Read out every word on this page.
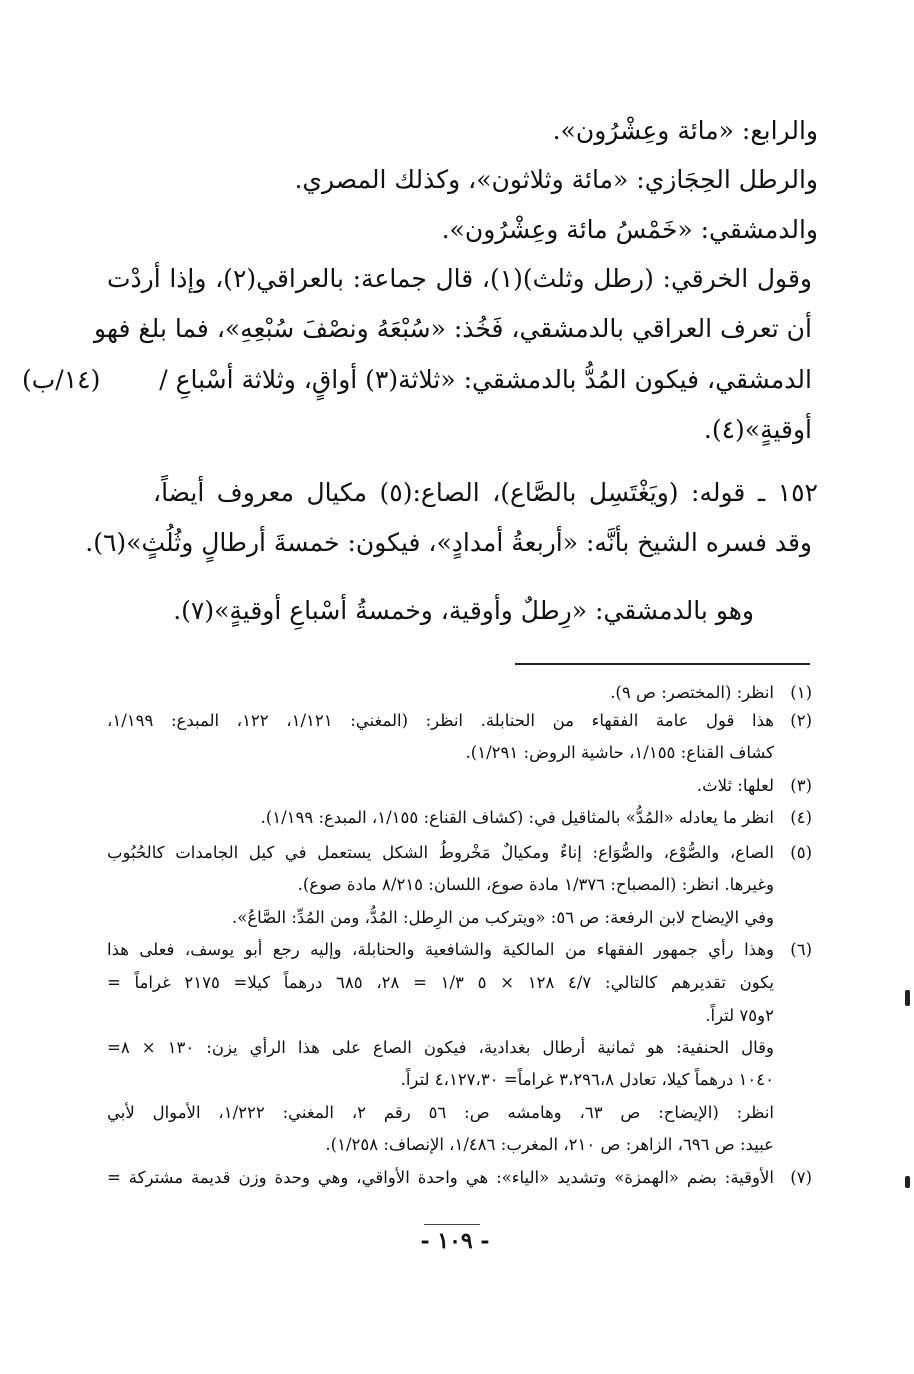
والرابع: «مائة وعِشْرُون».
والرطل الحِجَازي: «مائة وثلاثون»، وكذلك المصري.
والدمشقي: «خَمْسُ مائة وعِشْرُون».
وقول الخرقي: (رطل وثلث)(١)، قال جماعة: بالعراقي(٢)، وإذا أردْت
أن تعرف العراقي بالدمشقي، فَخُذ: «سُبْعَهُ ونصْفَ سُبْعِهِ»، فما بلغ فهو
الدمشقي، فيكون المُدُّ بالدمشقي: «ثلاثة(٣) أواقٍ، وثلاثة أسْباعِ /
(١٤/ب)
أوقيةٍ»(٤).
١٥٢ ـ قوله: (ويَغْتَسِل بالصَّاع)، الصاع:(٥) مكيال معروف أيضاً،
وقد فسره الشيخ بأنَّه: «أربعةُ أمدادٍ»، فيكون: خمسةَ أرطالٍ وثُلُثٍ»(٦).
وهو بالدمشقي: «رِطلٌ وأوقية، وخمسةُ أسْباعِ أوقيةٍ»(٧).
(١)انظر: (المختصر: ص ٩).
(٢)هذا قول عامة الفقهاء من الحنابلة. انظر: (المغني: ١/١٢١، ١٢٢، المبدع: ١/١٩٩،
كشاف القناع: ١/١٥٥، حاشية الروض: ١/٢٩١).
(٣)لعلها: ثلاث.
(٤)انظر ما يعادله «المُدُّ» بالمثاقيل في: (كشاف القناع: ١/١٥٥، المبدع: ١/١٩٩).
(٥)الصاع، والصُّوْع، والصُّوَاع: إناءٌ ومكيالٌ مَخْروطُ الشكل يستعمل في كيل الجامدات كالحُبُوب
وغيرها. انظر: (المصباح: ١/٣٧٦ مادة صوع، اللسان: ٨/٢١٥ مادة صوع).
وفي الإيضاح لابن الرفعة: ص ٥٦: «ويتركب من الرِطل: المُدُّ، ومن المُدِّ: الصَّاعُ».
(٦)وهذا رأي جمهور الفقهاء من المالكية والشافعية والحنابلة، وإليه رجع أبو يوسف، فعلى هذا
يكون تقديرهم كالتالي: ٤/٧ ١٢٨ × ٥ ١/٣ = ٢٨، ٦٨٥ درهماً كيلا= ٢١٧٥ غراماً =
٢و٧٥ لتراً.
وقال الحنفية: هو ثمانية أرطال بغدادية، فيكون الصاع على هذا الرأي يزن: ١٣٠ × ٨=
١٠٤٠ درهماً كيلا، تعادل ٣،٢٩٦،٨ غراماً= ٤،١٢٧،٣٠ لتراً.
انظر: (الإيضاح: ص ٦٣، وهامشه ص: ٥٦ رقم ٢، المغني: ١/٢٢٢، الأموال لأبي
عبيد: ص ٦٩٦، الزاهر: ص ٢١٠، المغرب: ١/٤٨٦، الإنصاف: ١/٢٥٨).
(٧)الأوقية: بضم «الهمزة» وتشديد «الياء»: هي واحدة الأواقي، وهي وحدة وزن قديمة مشتركة =
- ١٠٩ -
